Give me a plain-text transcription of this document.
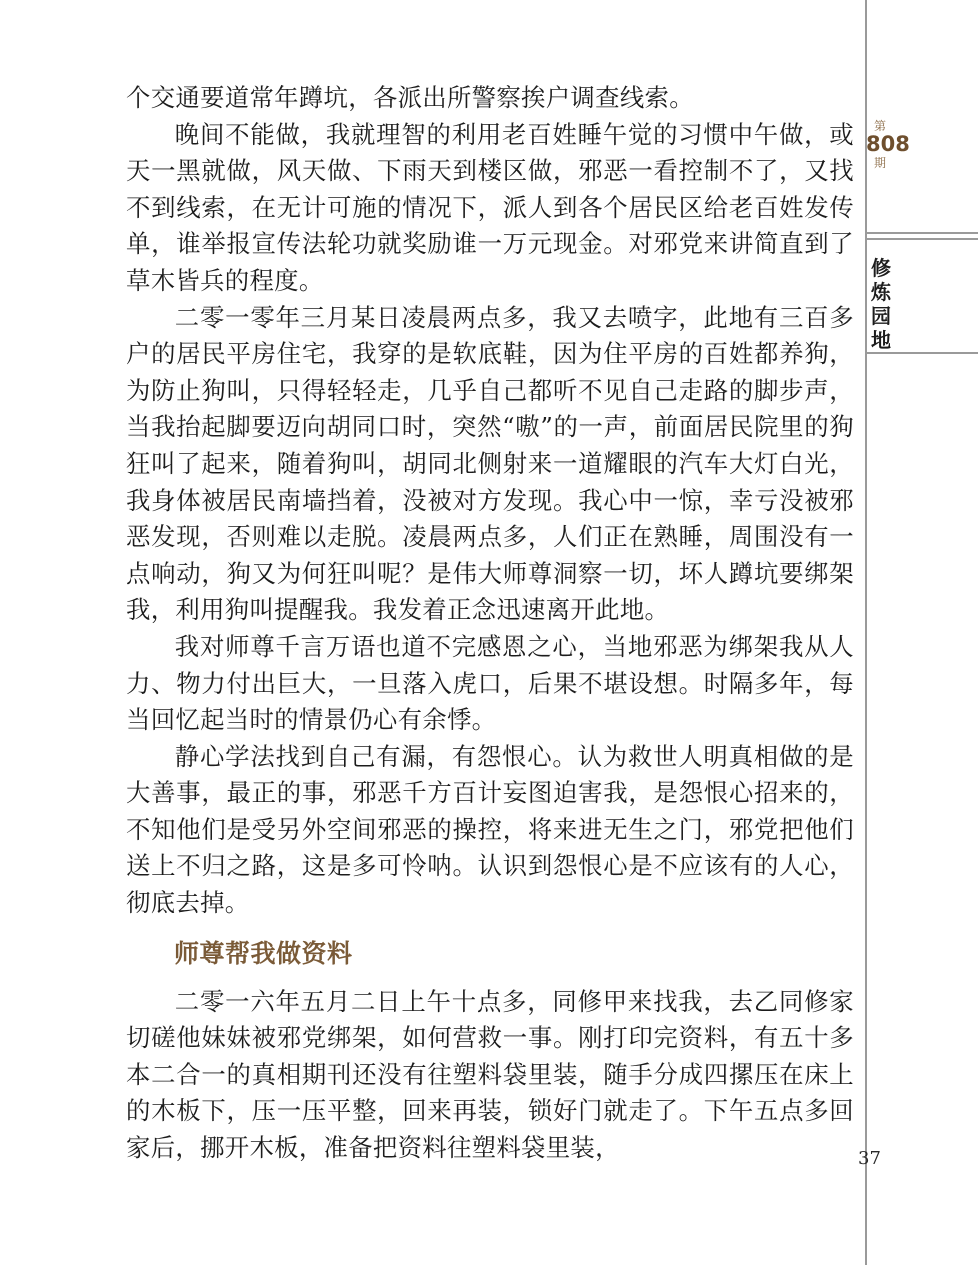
个交通要道常年蹲坑，各派出所警察挨户调查线索。

晚间不能做，我就理智的利用老百姓睡午觉的习惯中午做，或天一黑就做，风天做、下雨天到楼区做，邪恶一看控制不了，又找不到线索，在无计可施的情况下，派人到各个居民区给老百姓发传单，谁举报宣传法轮功就奖励谁一万元现金。对邪党来讲简直到了草木皆兵的程度。

二零一零年三月某日凌晨两点多，我又去喷字，此地有三百多户的居民平房住宅，我穿的是软底鞋，因为住平房的百姓都养狗，为防止狗叫，只得轻轻走，几乎自己都听不见自己走路的脚步声，当我抬起脚要迈向胡同口时，突然“嗷”的一声，前面居民院里的狗狂叫了起来，随着狗叫，胡同北侧射来一道耀眼的汽车大灯白光，我身体被居民南墙挡着，没被对方发现。我心中一惊，幸亏没被邪恶发现，否则难以走脱。凌晨两点多，人们正在熟睡，周围没有一点响动，狗又为何狂叫呢？是伟大师尊洞察一切，坏人蹲坑要绑架我，利用狗叫提醒我。我发着正念迅速离开此地。

我对师尊千言万语也道不完感恩之心，当地邪恶为绑架我从人力、物力付出巨大，一旦落入虎口，后果不堪设想。时隔多年，每当回忆起当时的情景仍心有余悸。

静心学法找到自己有漏，有怨恨心。认为救世人明真相做的是大善事，最正的事，邪恶千方百计妄图迫害我，是怨恨心招来的，不知他们是受另外空间邪恶的操控，将来进无生之门，邪党把他们送上不归之路，这是多可怜呐。认识到怨恨心是不应该有的人心，彻底去掉。

师尊帮我做资料

二零一六年五月二日上午十点多，同修甲来找我，去乙同修家切磋他妹妹被邪党绑架，如何营救一事。刚打印完资料，有五十多本二合一的真相期刊还没有往塑料袋里装，随手分成四摞压在床上的木板下，压一压平整，回来再装，锁好门就走了。下午五点多回家后，挪开木板，准备把资料往塑料袋里装，

第
808
期
修
炼
园
地
37
